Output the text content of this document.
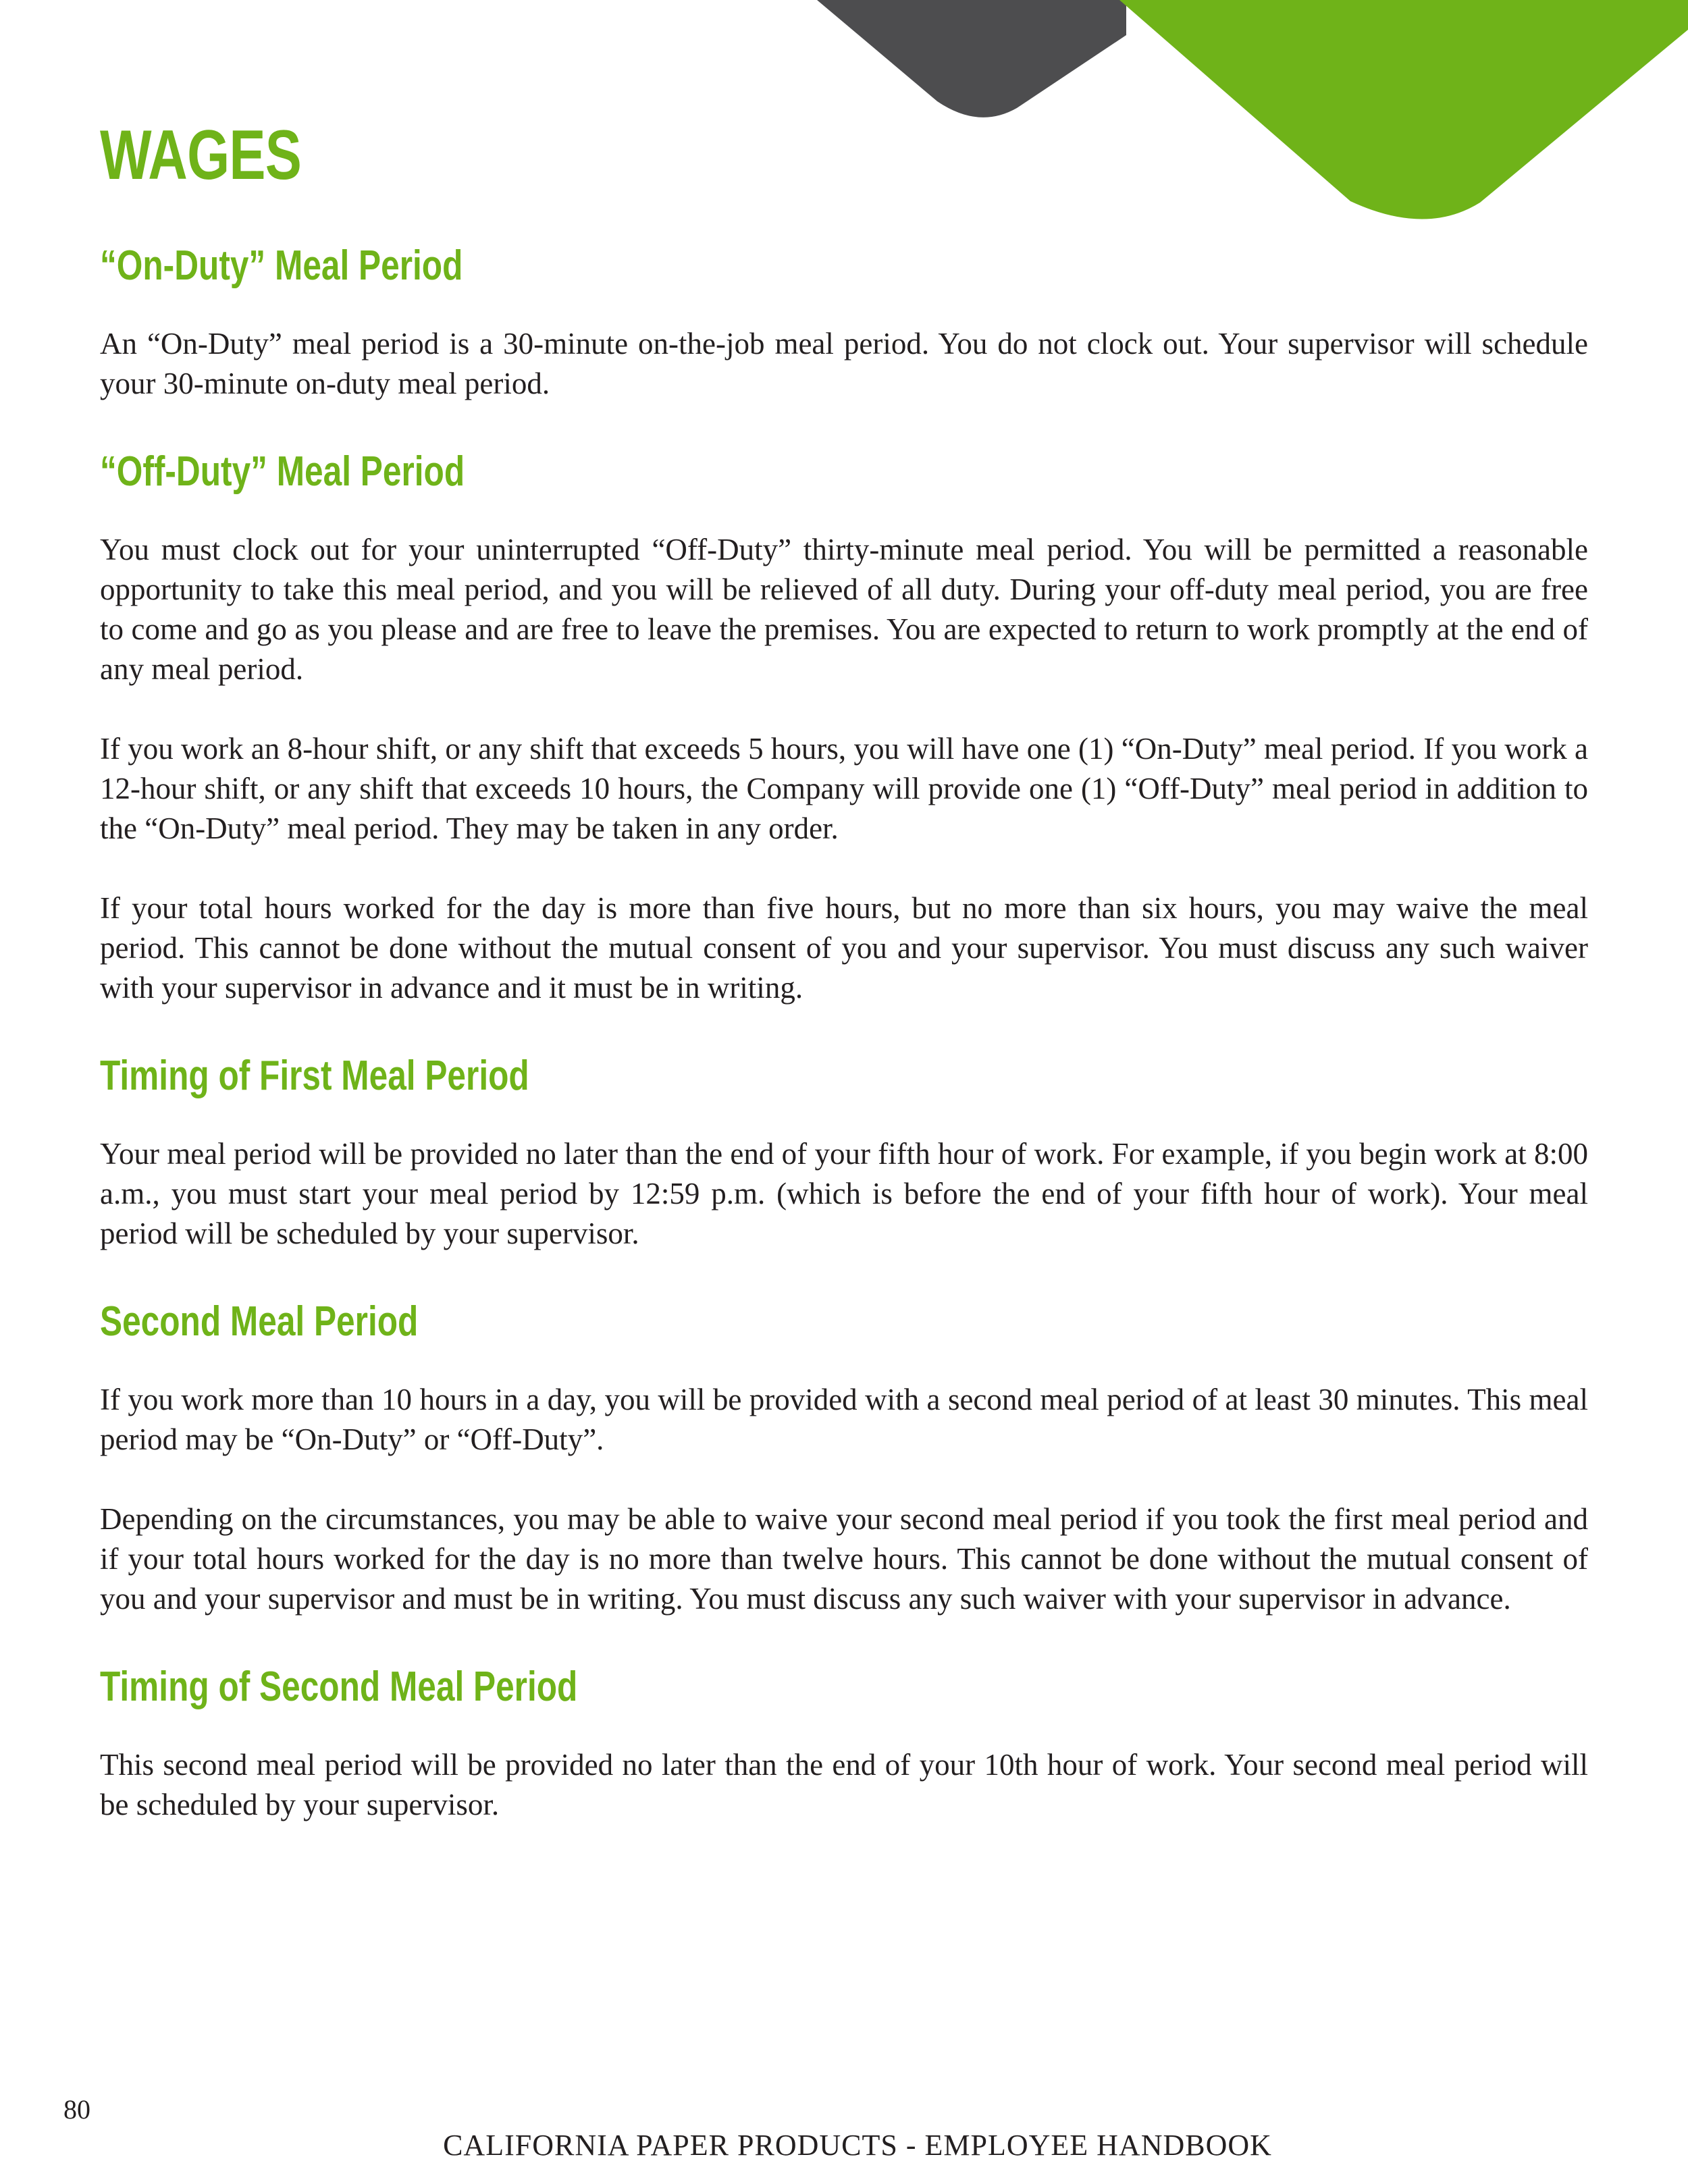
WAGES
“On-Duty” Meal Period

An “On-Duty” meal period is a 30-minute on-the-job meal period. You do not clock out. Your supervisor will schedule your 30-minute on-duty meal period.

“Off-Duty” Meal Period

You must clock out for your uninterrupted “Off-Duty” thirty-minute meal period. You will be permitted a reasonable opportunity to take this meal period, and you will be relieved of all duty. During your off-duty meal period, you are free to come and go as you please and are free to leave the premises. You are expected to return to work promptly at the end of any meal period.

If you work an 8-hour shift, or any shift that exceeds 5 hours, you will have one (1) “On-Duty” meal period. If you work a 12-hour shift, or any shift that exceeds 10 hours, the Company will provide one (1) “Off-Duty” meal period in addition to the “On-Duty” meal period. They may be taken in any order.

If your total hours worked for the day is more than five hours, but no more than six hours, you may waive the meal period. This cannot be done without the mutual consent of you and your supervisor. You must discuss any such waiver with your supervisor in advance and it must be in writing.

Timing of First Meal Period

Your meal period will be provided no later than the end of your fifth hour of work. For example, if you begin work at 8:00 a.m., you must start your meal period by 12:59 p.m. (which is before the end of your fifth hour of work). Your meal period will be scheduled by your supervisor.

Second Meal Period

If you work more than 10 hours in a day, you will be provided with a second meal period of at least 30 minutes. This meal period may be “On-Duty” or “Off-Duty”.

Depending on the circumstances, you may be able to waive your second meal period if you took the first meal period and if your total hours worked for the day is no more than twelve hours. This cannot be done without the mutual consent of you and your supervisor and must be in writing. You must discuss any such waiver with your supervisor in advance.

Timing of Second Meal Period

This second meal period will be provided no later than the end of your 10th hour of work. Your second meal period will be scheduled by your supervisor.

80
CALIFORNIA PAPER PRODUCTS - EMPLOYEE HANDBOOK
